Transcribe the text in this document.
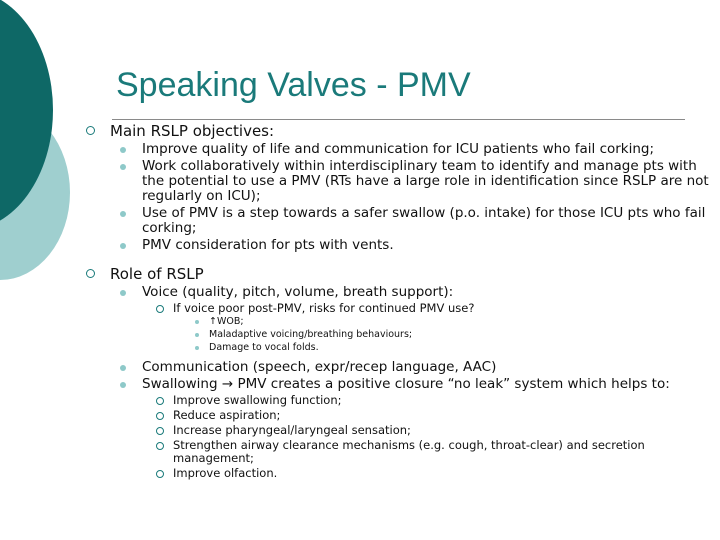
Speaking Valves - PMV
Main RSLP objectives:
Improve quality of life and communication for ICU patients who fail corking;
Work collaboratively within interdisciplinary team to identify and manage pts with the potential to use a PMV (RTs have a large role in identification since RSLP are not regularly on ICU);
Use of PMV is a step towards a safer swallow (p.o. intake) for those ICU pts who fail corking;
PMV consideration for pts with vents.
Role of RSLP
Voice (quality, pitch, volume, breath support):
If voice poor post-PMV, risks for continued PMV use?
↑WOB;
Maladaptive voicing/breathing behaviours;
Damage to vocal folds.
Communication (speech, expr/recep language, AAC)
Swallowing → PMV creates a positive closure “no leak” system which helps to:
Improve swallowing function;
Reduce aspiration;
Increase pharyngeal/laryngeal sensation;
Strengthen airway clearance mechanisms (e.g. cough, throat-clear) and secretion management;
Improve olfaction.
